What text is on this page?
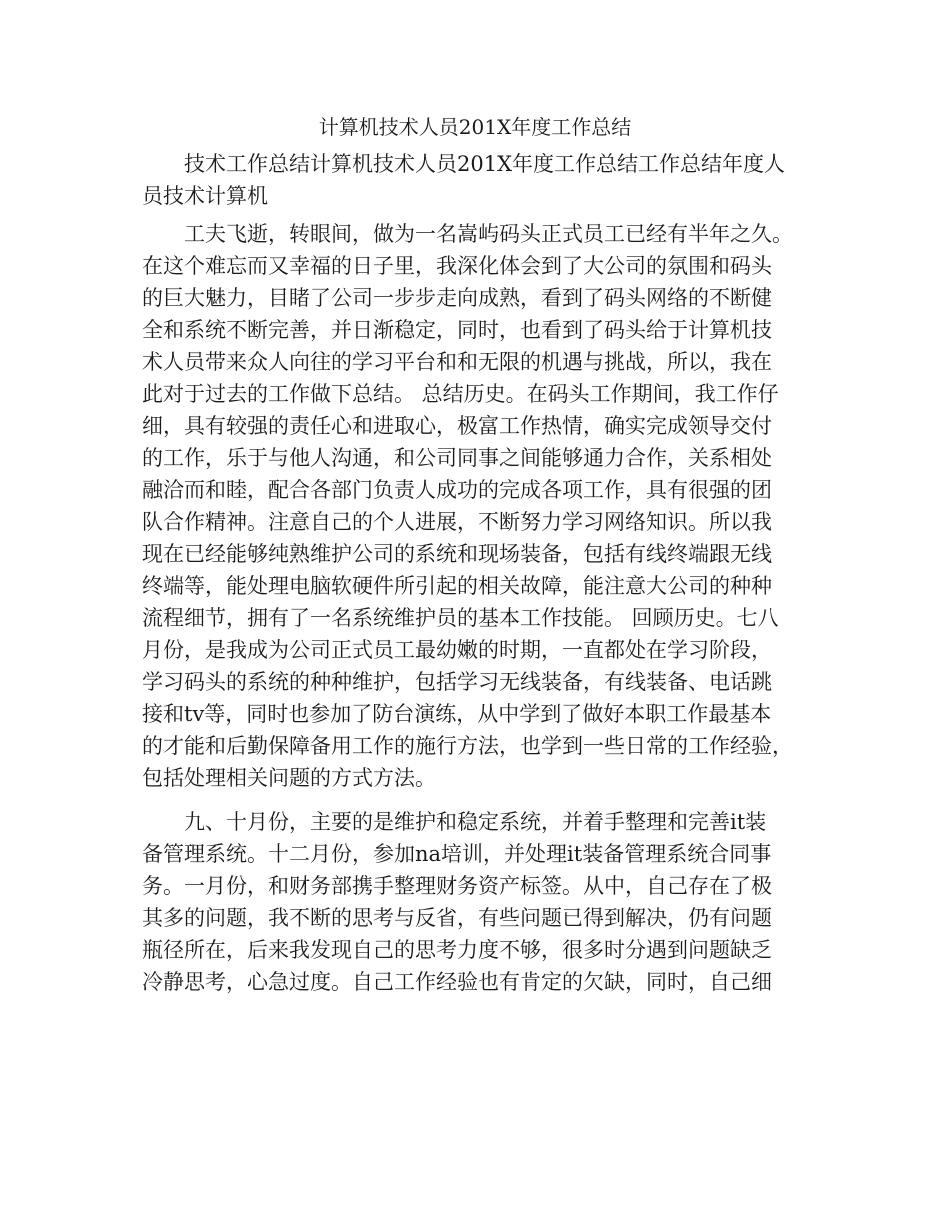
计算机技术人员201X年度工作总结
　　技术工作总结计算机技术人员201X年度工作总结工作总结年度人
员技术计算机
　　工夫飞逝，转眼间，做为一名嵩屿码头正式员工已经有半年之久。
在这个难忘而又幸福的日子里，我深化体会到了大公司的氛围和码头
的巨大魅力，目睹了公司一步步走向成熟，看到了码头网络的不断健
全和系统不断完善，并日渐稳定，同时，也看到了码头给于计算机技
术人员带来众人向往的学习平台和和无限的机遇与挑战，所以，我在
此对于过去的工作做下总结。 总结历史。在码头工作期间，我工作仔
细，具有较强的责任心和进取心，极富工作热情，确实完成领导交付
的工作，乐于与他人沟通，和公司同事之间能够通力合作，关系相处
融洽而和睦，配合各部门负责人成功的完成各项工作，具有很强的团
队合作精神。注意自己的个人进展，不断努力学习网络知识。所以我
现在已经能够纯熟维护公司的系统和现场装备，包括有线终端跟无线
终端等，能处理电脑软硬件所引起的相关故障，能注意大公司的种种
流程细节，拥有了一名系统维护员的基本工作技能。 回顾历史。七八
月份，是我成为公司正式员工最幼嫩的时期，一直都处在学习阶段，
学习码头的系统的种种维护，包括学习无线装备，有线装备、电话跳
接和tv等，同时也参加了防台演练，从中学到了做好本职工作最基本
的才能和后勤保障备用工作的施行方法，也学到一些日常的工作经验，
包括处理相关问题的方式方法。
　　九、十月份，主要的是维护和稳定系统，并着手整理和完善it装
备管理系统。十二月份，参加na培训，并处理it装备管理系统合同事
务。一月份，和财务部携手整理财务资产标签。从中，自己存在了极
其多的问题，我不断的思考与反省，有些问题已得到解决，仍有问题
瓶径所在，后来我发现自己的思考力度不够，很多时分遇到问题缺乏
冷静思考，心急过度。自己工作经验也有肯定的欠缺，同时，自己细
